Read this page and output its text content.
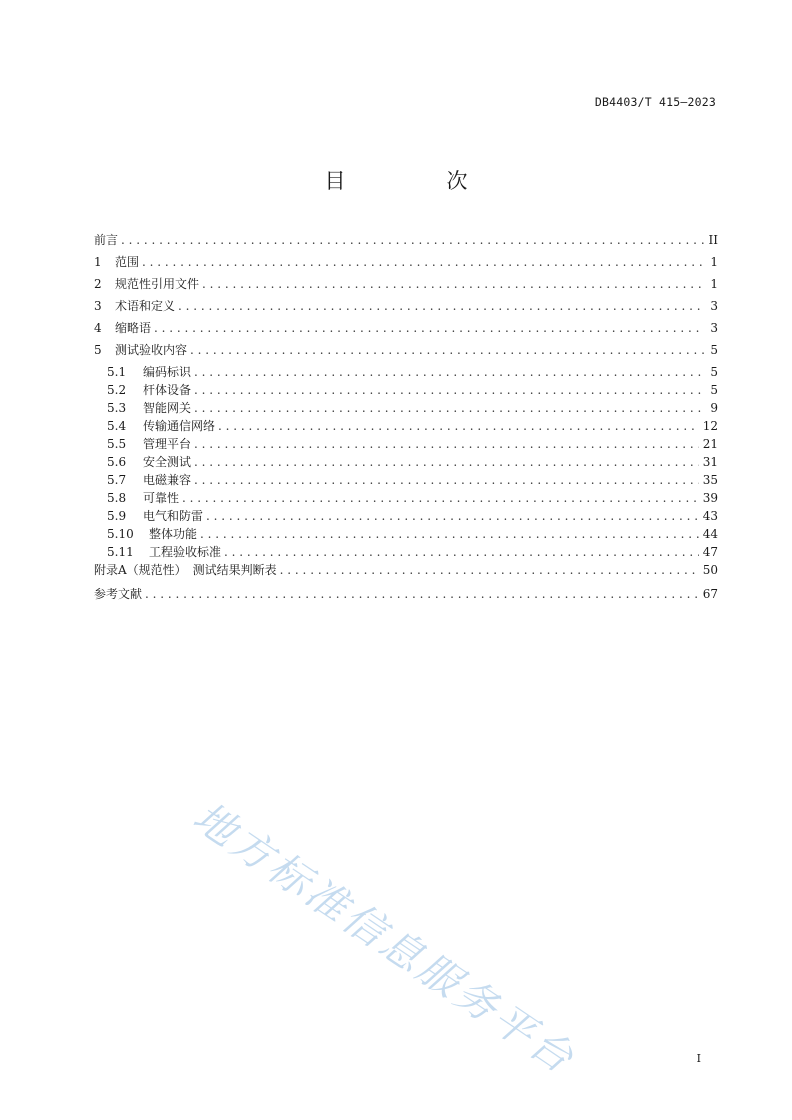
DB4403/T 415—2023
目　次
前言 . . .	II
1	范围 . . .	1
2	规范性引用文件 . . .	1
3	术语和定义 . . .	3
4	缩略语 . . .	3
5	测试验收内容 . . .	5
5.1	编码标识 . . .	5
5.2	杆体设备 . . .	5
5.3	智能网关 . . .	9
5.4	传输通信网络 . . .	12
5.5	管理平台 . . .	21
5.6	安全测试 . . .	31
5.7	电磁兼容 . . .	35
5.8	可靠性 . . .	39
5.9	电气和防雷 . . .	43
5.10	整体功能 . . .	44
5.11	工程验收标准 . . .	47
附录A（规范性）　测试结果判断表 . . .	50
参考文献 . . .	67
地方标准信息服务平台	I
